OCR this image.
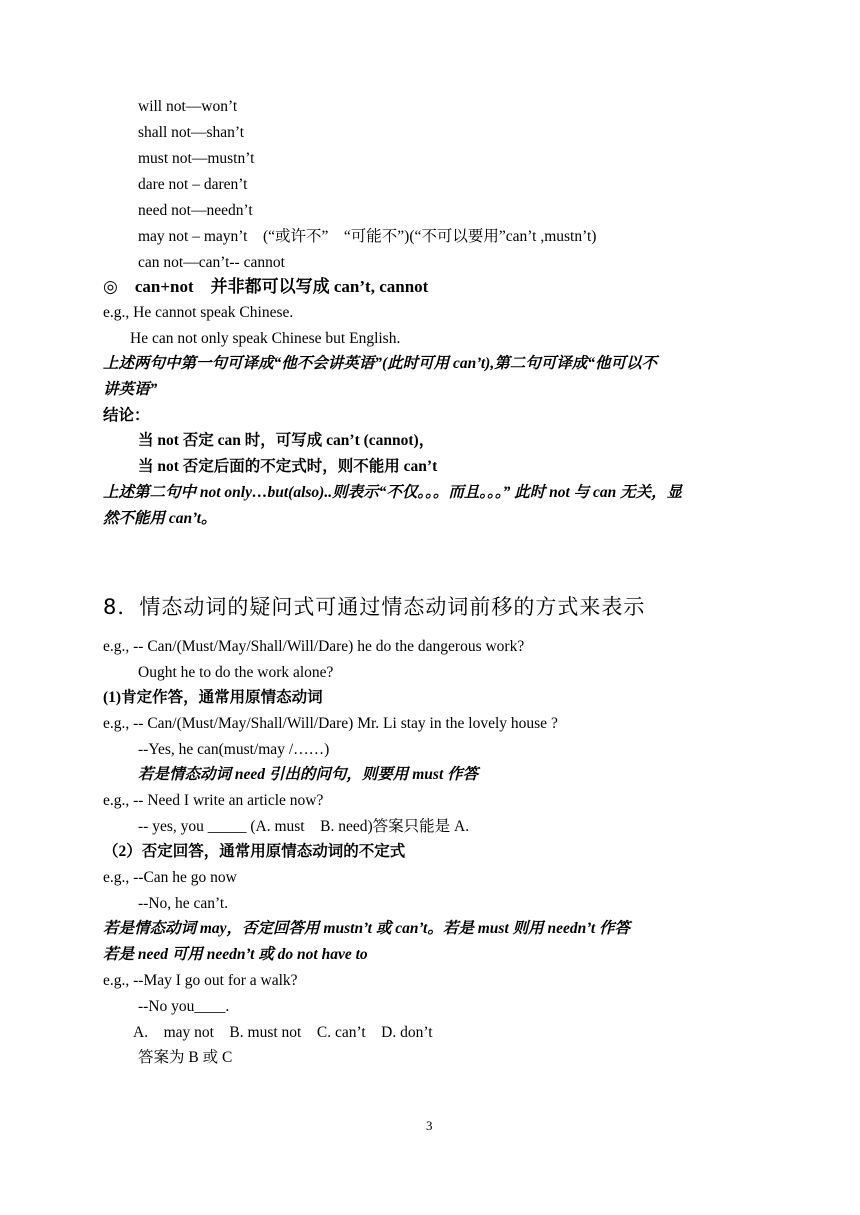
will not—won’t
shall not—shan’t
must not—mustn’t
dare not – daren’t
need not—needn’t
may not – mayn’t　(“或许不”　“可能不”)(“不可以要用”can’t ,mustn’t)
can not—can’t-- cannot
◎　can+not　并非都可以写成 can’t, cannot
e.g., He cannot speak Chinese.
He can not only speak Chinese but English.
上述两句中第一句可译成“他不会讲英语”(此时可用 can’t),第二句可译成“他可以不
讲英语”
结论：
当 not 否定 can 时，可写成 can’t (cannot)，
当 not 否定后面的不定式时，则不能用 can’t
上述第二句中 not only…but(also)..则表示“不仅。。。而且。。。” 此时 not 与 can 无关，显
然不能用 can’t。
8．情态动词的疑问式可通过情态动词前移的方式来表示
e.g., -- Can/(Must/May/Shall/Will/Dare) he do the dangerous work?
Ought he to do the work alone?
(1)肯定作答，通常用原情态动词
e.g., -- Can/(Must/May/Shall/Will/Dare) Mr. Li stay in the lovely house ?
--Yes, he can(must/may /……)
若是情态动词 need 引出的问句，则要用 must 作答
e.g., -- Need I write an article now?
-- yes, you _____ (A. must　B. need)答案只能是 A.
（2）否定回答，通常用原情态动词的不定式
e.g., --Can he go now
--No, he can’t.
若是情态动词 may，否定回答用 mustn’t 或 can’t。若是 must 则用 needn’t 作答
若是 need 可用 needn’t 或 do not have to
e.g., --May I go out for a walk?
--No you____.
A.　may not　B. must not　C. can’t　D. don’t
答案为 B 或 C
3
